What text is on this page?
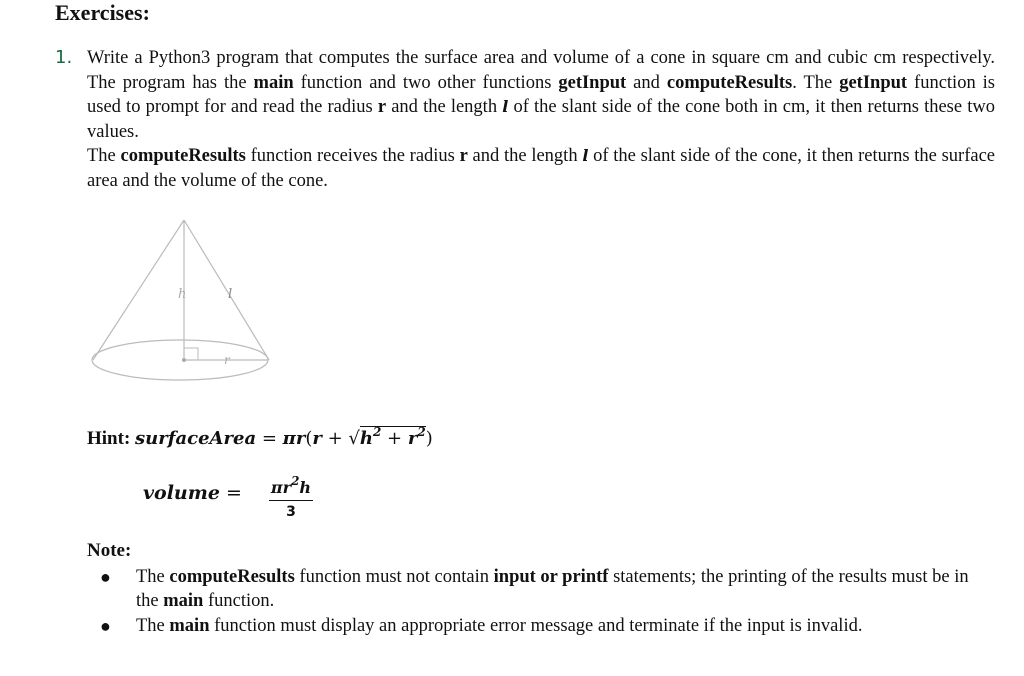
Exercises:
1. Write a Python3 program that computes the surface area and volume of a cone in square cm and cubic cm respectively. The program has the main function and two other functions getInput and computeResults. The getInput function is used to prompt for and read the radius r and the length l of the slant side of the cone both in cm, it then returns these two values.

The computeResults function receives the radius r and the length l of the slant side of the cone, it then returns the surface area and the volume of the cone.

h	l
r
Hint: surfaceArea = $\pi r(r + √h^2 + r^2)$
volume = $\frac{\pi r^2h}{3}$
Note:
● The computeResults function must not contain input or printf statements; the printing of the results must be in the main function.
● The main function must display an appropriate error message and terminate if the input is invalid.
